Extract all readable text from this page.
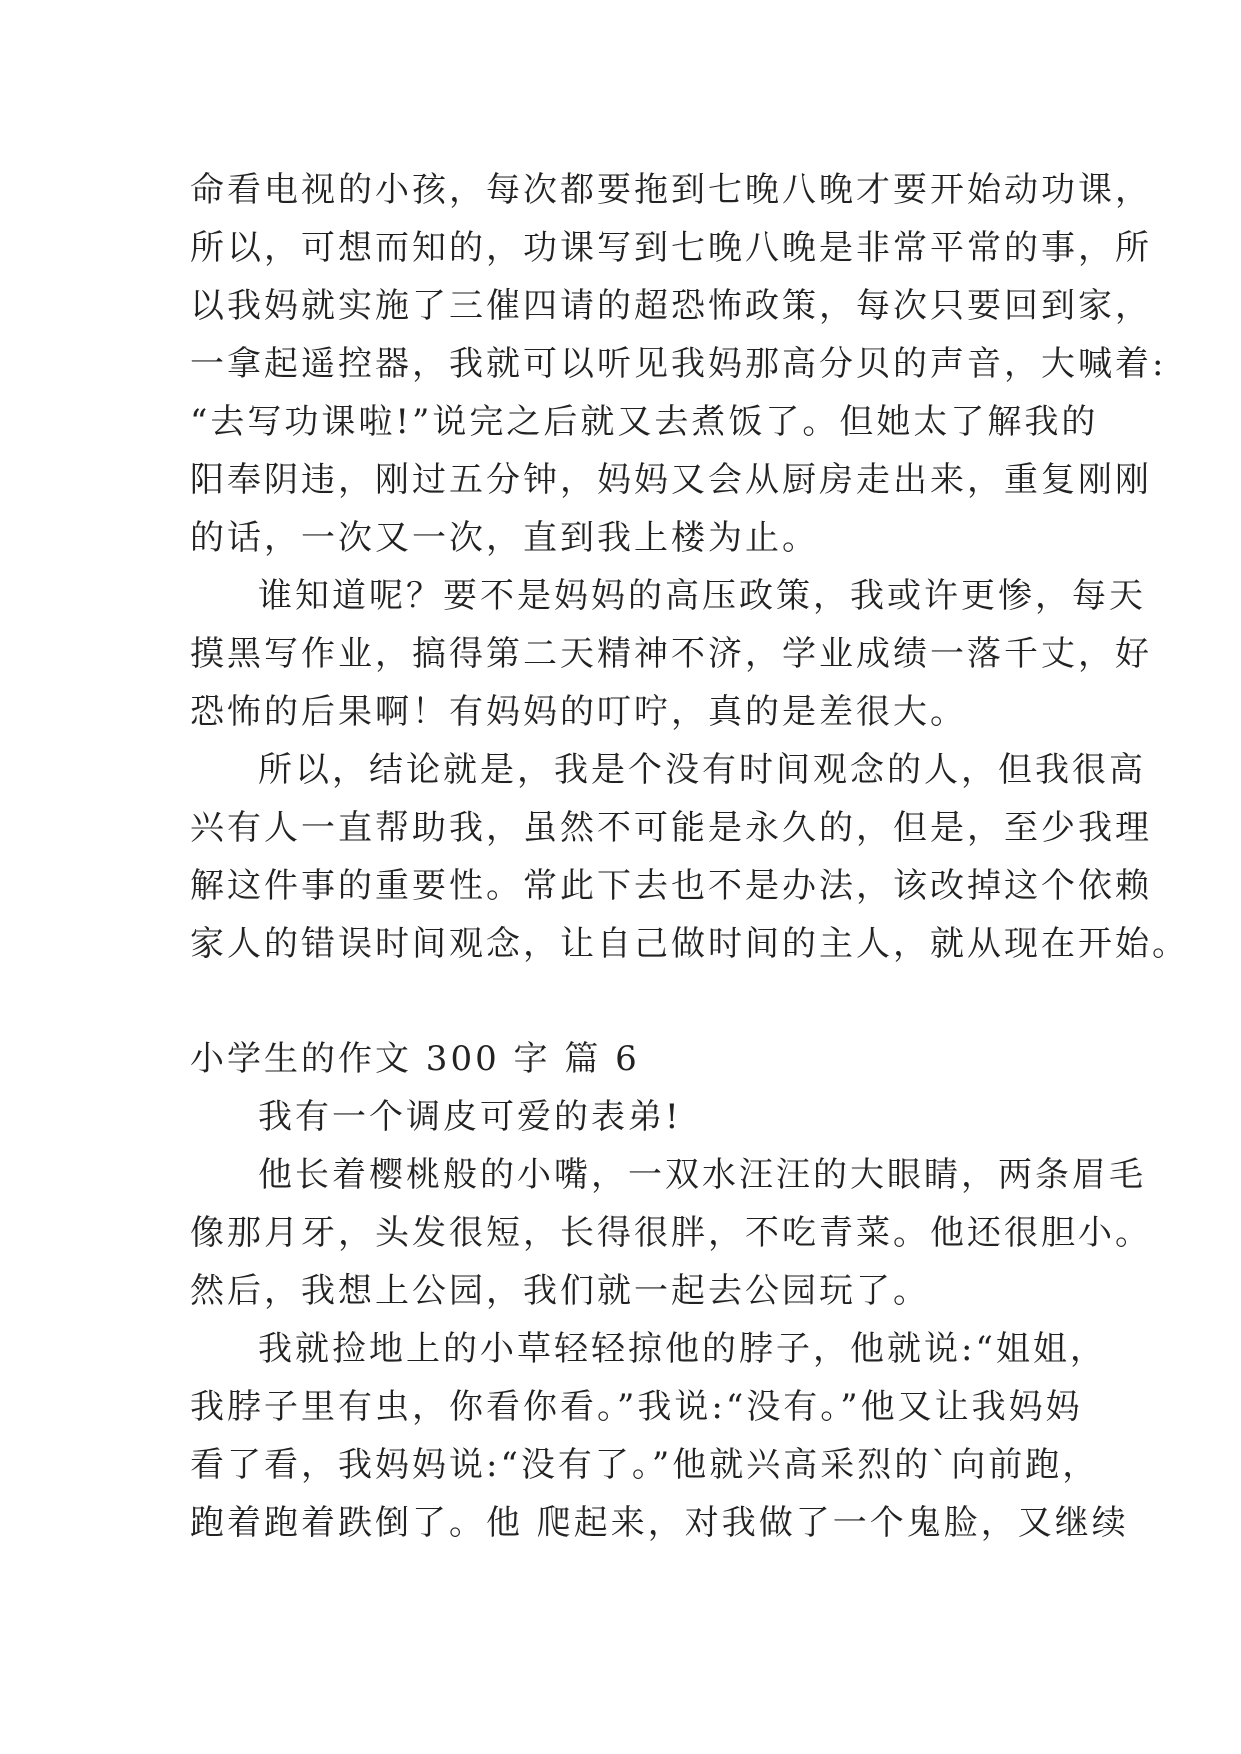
命看电视的小孩，每次都要拖到七晚八晚才要开始动功课，
所以，可想而知的，功课写到七晚八晚是非常平常的事，所
以我妈就实施了三催四请的超恐怖政策，每次只要回到家，
一拿起遥控器，我就可以听见我妈那高分贝的声音，大喊着:
“去写功课啦!”说完之后就又去煮饭了。但她太了解我的
阳奉阴违，刚过五分钟，妈妈又会从厨房走出来，重复刚刚
的话，一次又一次，直到我上楼为止。
谁知道呢？要不是妈妈的高压政策，我或许更惨，每天
摸黑写作业，搞得第二天精神不济，学业成绩一落千丈，好
恐怖的后果啊！有妈妈的叮咛，真的是差很大。
所以，结论就是，我是个没有时间观念的人，但我很高
兴有人一直帮助我，虽然不可能是永久的，但是，至少我理
解这件事的重要性。常此下去也不是办法，该改掉这个依赖
家人的错误时间观念，让自己做时间的主人，就从现在开始。
小学生的作文 300 字 篇 6
我有一个调皮可爱的表弟!
他长着樱桃般的小嘴，一双水汪汪的大眼睛，两条眉毛
像那月牙，头发很短，长得很胖，不吃青菜。他还很胆小。
然后，我想上公园，我们就一起去公园玩了。
我就捡地上的小草轻轻掠他的脖子，他就说:“姐姐，
我脖子里有虫，你看你看。”我说:“没有。”他又让我妈妈
看了看，我妈妈说:“没有了。”他就兴高采烈的`向前跑，
跑着跑着跌倒了。他 爬起来，对我做了一个鬼脸，又继续
